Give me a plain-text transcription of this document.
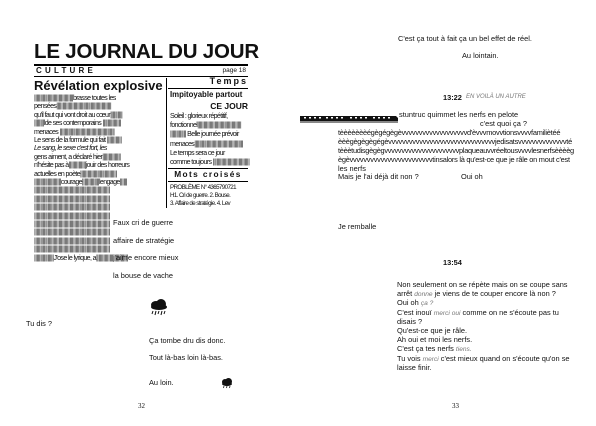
LE JOURNAL DU JOUR
CULTURE	page 18
Révélation explosive
||||||||||||||||||||||||||||||||brasse toutes les
pensées|||||||||||||||||||||||||||||||||||||||||||||
qu'il faut qui vont droit au cœur||||||||||
||||||||lde ses contemporains |||||||||||||||
menaces |||||||||||||||||||||||||||||||||||||||||||||
Le sens de la formule qui fait ||||||||||||
Le sang, le sexe c'est fort, les
gens aiment, a déclaré hier|||||||||||||||
n'hésite pas à||||||||||||||jouir des horreurs
actuelles en poète||||||||||||||||||||||||||||||
||||||||||||||||||||||courage||||||||||||||lengage||||||
||||||||||||||||||||||||||||||||||||||||||||||||||||||||||||||
||||||||||||||||||||||||||||||||||||||||||||||||||||||||||||||
||||||||||||||||||||||||||||||||||||||||||||||||||||||||||||||
||||||||||||||||||||||||||||||||||||||||||||||||||||||||||||||
||||||||||||||||||||||||||||||||||||||||||||||||||||||||||||||
||||||||||||||||||||||||||||||||||||||||||||||||||||||||||||||
||||||||||||||||||||||||||||||||||||||||||||||||||||||||||||||
||||||||||||||||||||||||||||||||||||||||||||||||||||||||||||||
||||||||||||||||J'ose le lyrique, a||||||||||||||||||||||||||
Temps
Impitoyable partout
CE JOUR
Soleil : glorieux répétitif,
fonctionnel||||||||||||||||||||||||||||||||||||
||||||||||||| Belle journée prévoir
menaces||||||||||||||||||||||||||||||||||||||||
Le temps sera ce jour
comme toujours ||||||||||||||||||||||||||||||
Mots croisés
PROBLÈME N° 4365790721
H1. Cri de guerre. 2. Bouse.
3. Affaire de stratégie. 4. Lev
Faux cri de guerre
affaire de stratégie
j'aime encore mieux
la bouse de vache
Tu dis ?
Ça tombe dru dis donc.
Tout là-bas loin là-bas.
Au loin.
32
C'est ça tout à fait ça un bel effet de réel.
Au lointain.
13:22 EN VOILÀ UN AUTRE
stuntruc quimmet les nerfs en pelote
c'est quoi ça ?
tèèèèèèèégègégègèvvvvvvvvvvvvvvvvvvvd'èvvvmovvtionsvvvvfamiliètéé
èèègègègègégèvvvvvvvvvvvvvvvvvvvvvvvvvvvvvvvjedisatsvvvvvvvvvvvvvvté
tèèètudisgègègvvvvvvvvvvvvvvvvvvvvvvplaqueauvvréeltousvvvvlesnerfsèèèèg
ègèvvvvvvvvvvvvvvvvvvvvvvvvtinsalors là qu'est-ce que je râle on mout c'est
les nerfs
Mais je l'ai déjà dit non ?	Oui oh
Je remballe
13:54
Non seulement on se répète mais on se coupe sans
arrêt donne je viens de te couper encore là non ?
Oui oh ça ?
C'est inouï merci oui comme on ne s'écoute pas tu
disais ?
Qu'est-ce que je râle.
Ah oui et moi les nerfs.
C'est ça tes nerfs tiens.
Tu vois merci c'est mieux quand on s'écoute qu'on se
laisse finir.
33
